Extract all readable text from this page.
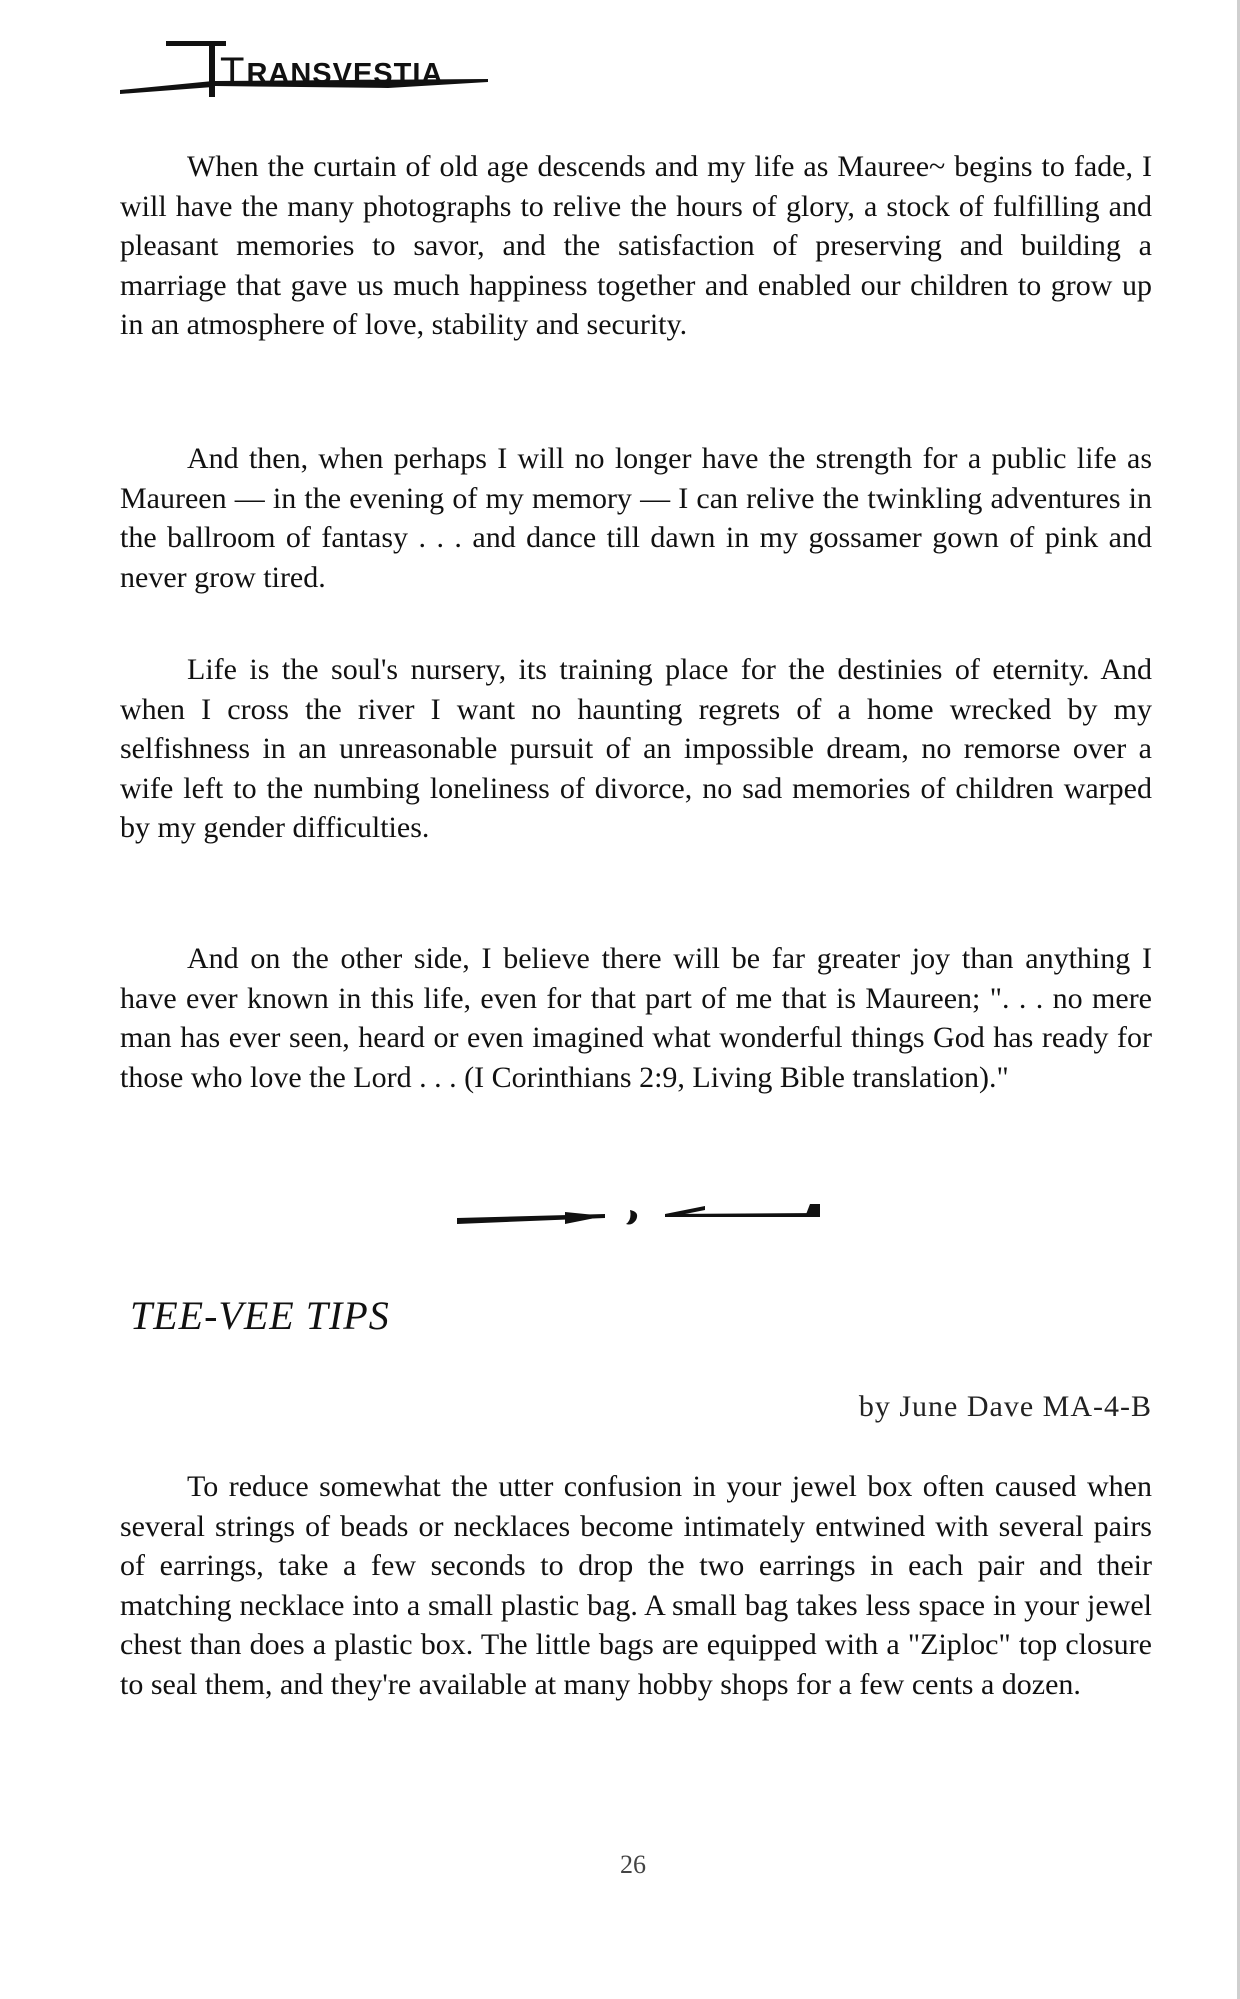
TRANSVESTIA

When the curtain of old age descends and my life as Mauree~ begins to fade, I will have the many photographs to relive the hours of glory, a stock of fulfilling and pleasant memories to savor, and the satisfaction of preserving and building a marriage that gave us much happiness together and enabled our children to grow up in an atmosphere of love, stability and security.

And then, when perhaps I will no longer have the strength for a public life as Maureen — in the evening of my memory — I can relive the twinkling adventures in the ballroom of fantasy . . . and dance till dawn in my gossamer gown of pink and never grow tired.

Life is the soul's nursery, its training place for the destinies of eternity. And when I cross the river I want no haunting regrets of a home wrecked by my selfishness in an unreasonable pursuit of an impossible dream, no remorse over a wife left to the numbing loneliness of divorce, no sad memories of children warped by my gender difficulties.

And on the other side, I believe there will be far greater joy than anything I have ever known in this life, even for that part of me that is Maureen; ". . . no mere man has ever seen, heard or even imagined what wonderful things God has ready for those who love the Lord . . . (I Corinthians 2:9, Living Bible translation)."

TEE-VEE TIPS
by June Dave MA-4-B

To reduce somewhat the utter confusion in your jewel box often caused when several strings of beads or necklaces become intimately entwined with several pairs of earrings, take a few seconds to drop the two earrings in each pair and their matching necklace into a small plastic bag. A small bag takes less space in your jewel chest than does a plastic box. The little bags are equipped with a "Ziploc" top closure to seal them, and they're available at many hobby shops for a few cents a dozen.

26
